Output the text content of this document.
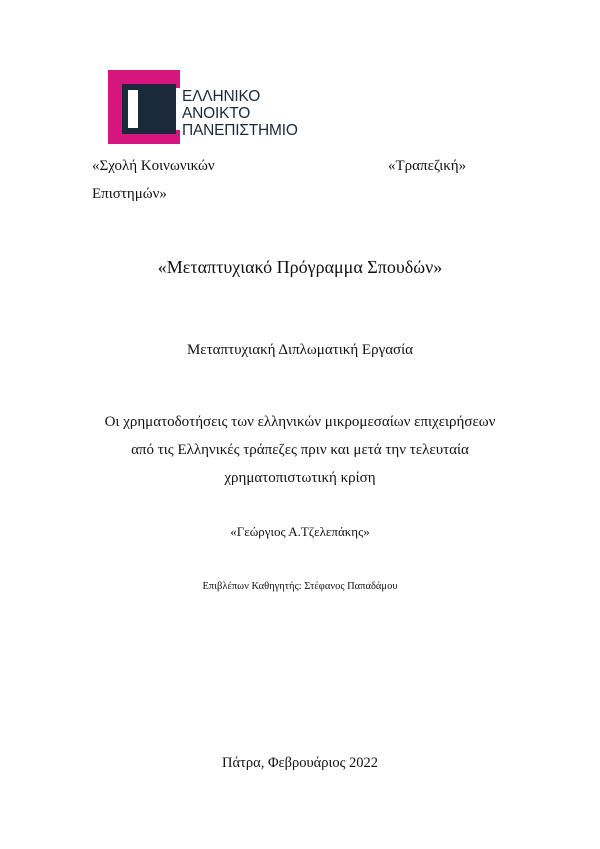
ΕΛΛΗΝΙΚΟ
ΑΝΟΙΚΤΟ
ΠΑΝΕΠΙΣΤΗΜΙΟ
«Σχολή Κοινωνικών
Επιστημών»
«Τραπεζική»
«Μεταπτυχιακό Πρόγραμμα Σπουδών»
Μεταπτυχιακή Διπλωματική Εργασία
Οι χρηματοδοτήσεις των ελληνικών μικρομεσαίων επιχειρήσεων
από τις Ελληνικές τράπεζες πριν και μετά την τελευταία
χρηματοπιστωτική κρίση
«Γεώργιος Α.Τζελεπάκης»
Επιβλέπων Καθηγητής: Στέφανος Παπαδάμου
Πάτρα, Φεβρουάριος 2022
